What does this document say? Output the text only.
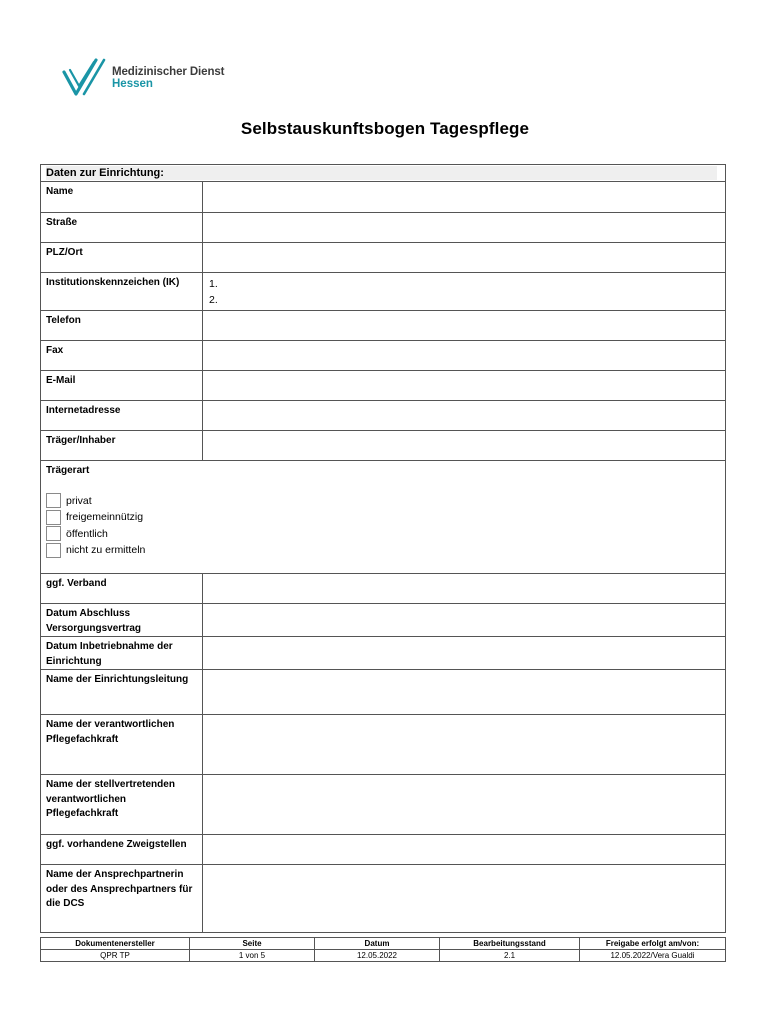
Medizinischer Dienst
Hessen
Selbstauskunftsbogen Tagespflege
Daten zur Einrichtung:	

Name	
Straße	
PLZ/Ort	
Institutionskennzeichen (IK)	1.
2.

Telefon	
Fax	
E-Mail	
Internetadresse	
Träger/Inhaber	

Trägerart
privat
freigemeinnützig
öffentlich
nicht zu ermitteln	

ggf. Verband	
Datum Abschluss Versorgungsvertrag	
Datum Inbetriebnahme der Einrichtung	
Name der Einrichtungsleitung	
Name der verantwortlichen Pflegefachkraft	
Name der stellvertretenden verantwortlichen Pflegefachkraft	
ggf. vorhandene Zweigstellen	
Name der Ansprechpartnerin oder des Ansprechpartners für die DCS	
Dokumentenersteller	Seite	Datum	Bearbeitungsstand	Freigabe erfolgt am/von:
QPR TP	1 von 5	12.05.2022	2.1	12.05.2022/Vera Gualdi
